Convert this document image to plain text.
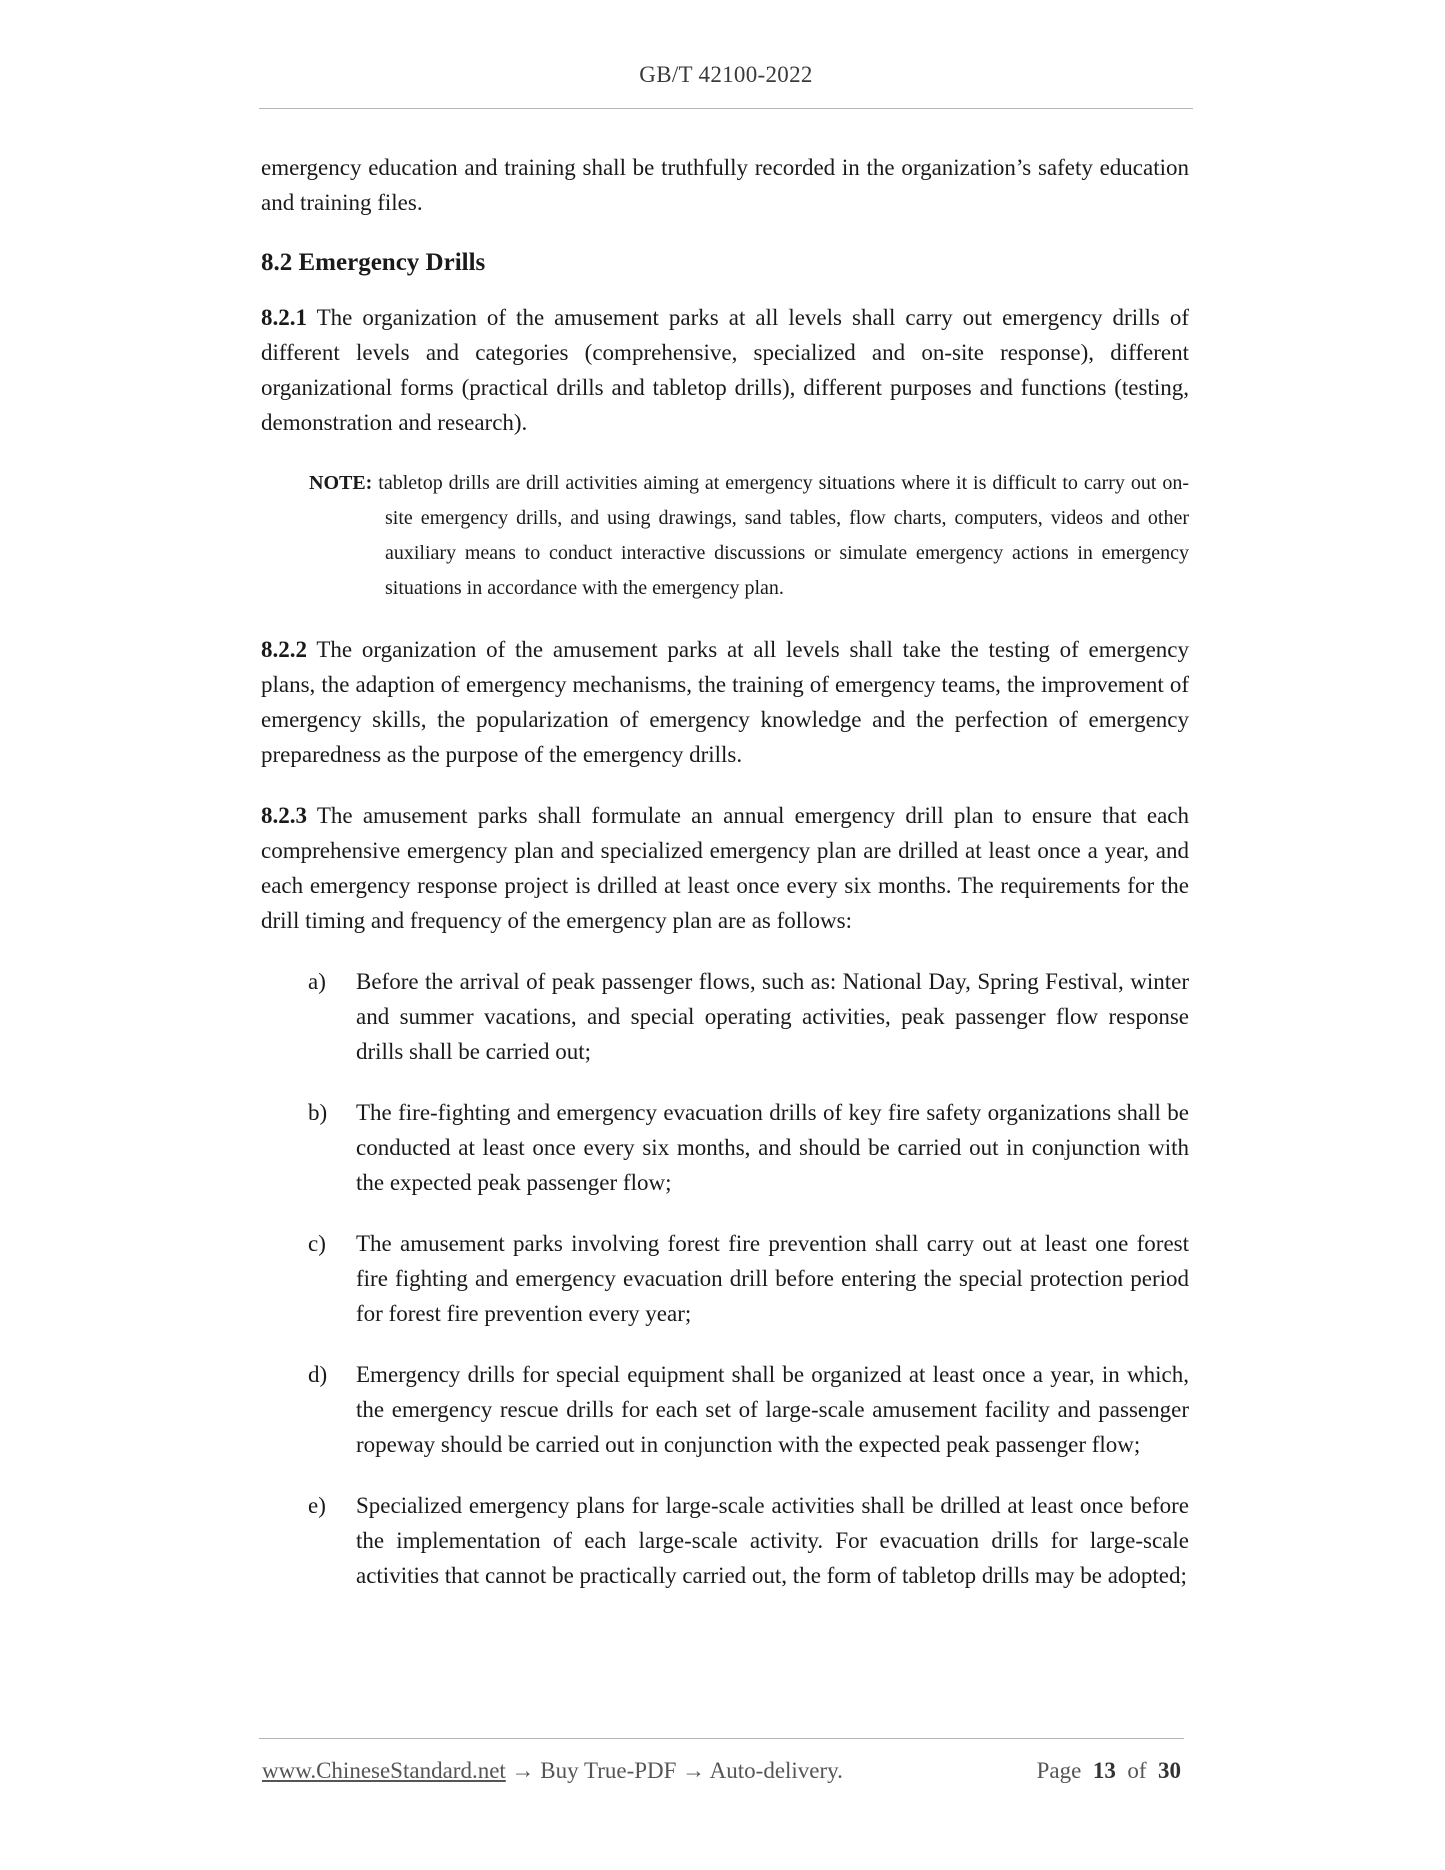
GB/T 42100-2022

emergency education and training shall be truthfully recorded in the organization’s safety education and training files.

8.2 Emergency Drills

8.2.1 The organization of the amusement parks at all levels shall carry out emergency drills of different levels and categories (comprehensive, specialized and on-site response), different organizational forms (practical drills and tabletop drills), different purposes and functions (testing, demonstration and research).

NOTE: tabletop drills are drill activities aiming at emergency situations where it is difficult to carry out on-site emergency drills, and using drawings, sand tables, flow charts, computers, videos and other auxiliary means to conduct interactive discussions or simulate emergency actions in emergency situations in accordance with the emergency plan.

8.2.2 The organization of the amusement parks at all levels shall take the testing of emergency plans, the adaption of emergency mechanisms, the training of emergency teams, the improvement of emergency skills, the popularization of emergency knowledge and the perfection of emergency preparedness as the purpose of the emergency drills.

8.2.3 The amusement parks shall formulate an annual emergency drill plan to ensure that each comprehensive emergency plan and specialized emergency plan are drilled at least once a year, and each emergency response project is drilled at least once every six months. The requirements for the drill timing and frequency of the emergency plan are as follows:

a)	Before the arrival of peak passenger flows, such as: National Day, Spring Festival, winter and summer vacations, and special operating activities, peak passenger flow response drills shall be carried out;
b)	The fire-fighting and emergency evacuation drills of key fire safety organizations shall be conducted at least once every six months, and should be carried out in conjunction with the expected peak passenger flow;
c)	The amusement parks involving forest fire prevention shall carry out at least one forest fire fighting and emergency evacuation drill before entering the special protection period for forest fire prevention every year;
d)	Emergency drills for special equipment shall be organized at least once a year, in which, the emergency rescue drills for each set of large-scale amusement facility and passenger ropeway should be carried out in conjunction with the expected peak passenger flow;
e)	Specialized emergency plans for large-scale activities shall be drilled at least once before the implementation of each large-scale activity. For evacuation drills for large-scale activities that cannot be practically carried out, the form of tabletop drills may be adopted;
www.ChineseStandard.net → Buy True-PDF → Auto-delivery.	Page 13 of 30
